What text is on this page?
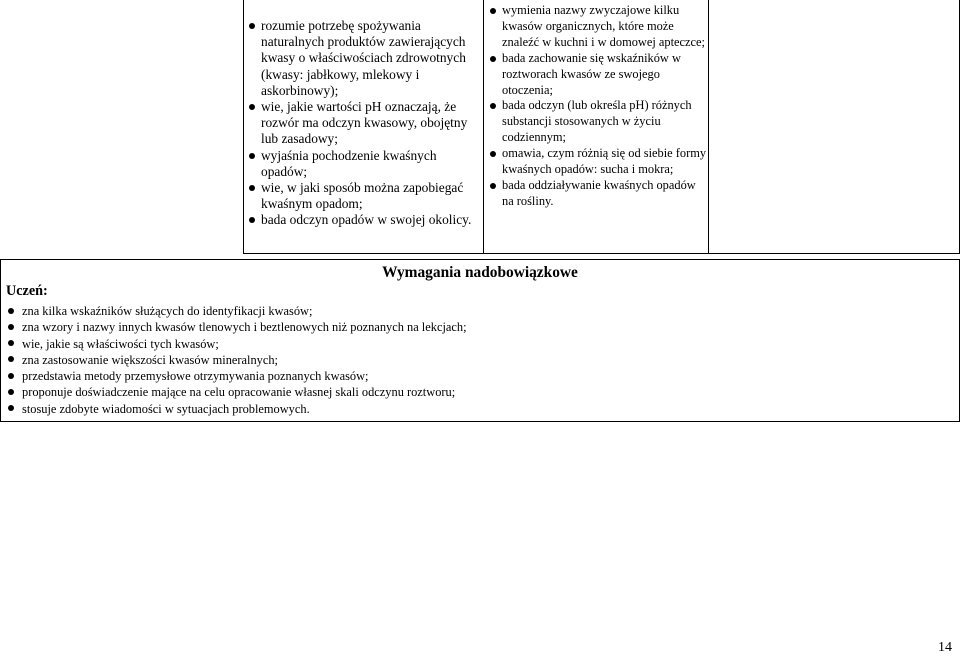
rozumie potrzebę spożywania naturalnych produktów zawierających kwasy o właściwościach zdrowotnych (kwasy: jabłkowy, mlekowy i askorbinowy);
wie, jakie wartości pH oznaczają, że rozwór ma odczyn kwasowy, obojętny lub zasadowy;
wyjaśnia pochodzenie kwaśnych opadów;
wie, w jaki sposób można zapobiegać kwaśnym opadom;
bada odczyn opadów w swojej okolicy.
wymienia nazwy zwyczajowe kilku kwasów organicznych, które może znaleźć w kuchni i w domowej apteczce;
bada zachowanie się wskaźników w roztworach kwasów ze swojego otoczenia;
bada odczyn (lub określa pH) różnych substancji stosowanych w życiu codziennym;
omawia, czym różnią się od siebie formy kwaśnych opadów: sucha i mokra;
bada oddziaływanie kwaśnych opadów na rośliny.
Wymagania nadobowiązkowe
Uczeń:
zna kilka wskaźników służących do identyfikacji kwasów;
zna wzory i nazwy innych kwasów tlenowych i beztlenowych niż poznanych na lekcjach;
wie, jakie są właściwości tych kwasów;
zna zastosowanie większości kwasów mineralnych;
przedstawia metody przemysłowe otrzymywania poznanych kwasów;
proponuje doświadczenie mające na celu opracowanie własnej skali odczynu roztworu;
stosuje zdobyte wiadomości w sytuacjach problemowych.
14
